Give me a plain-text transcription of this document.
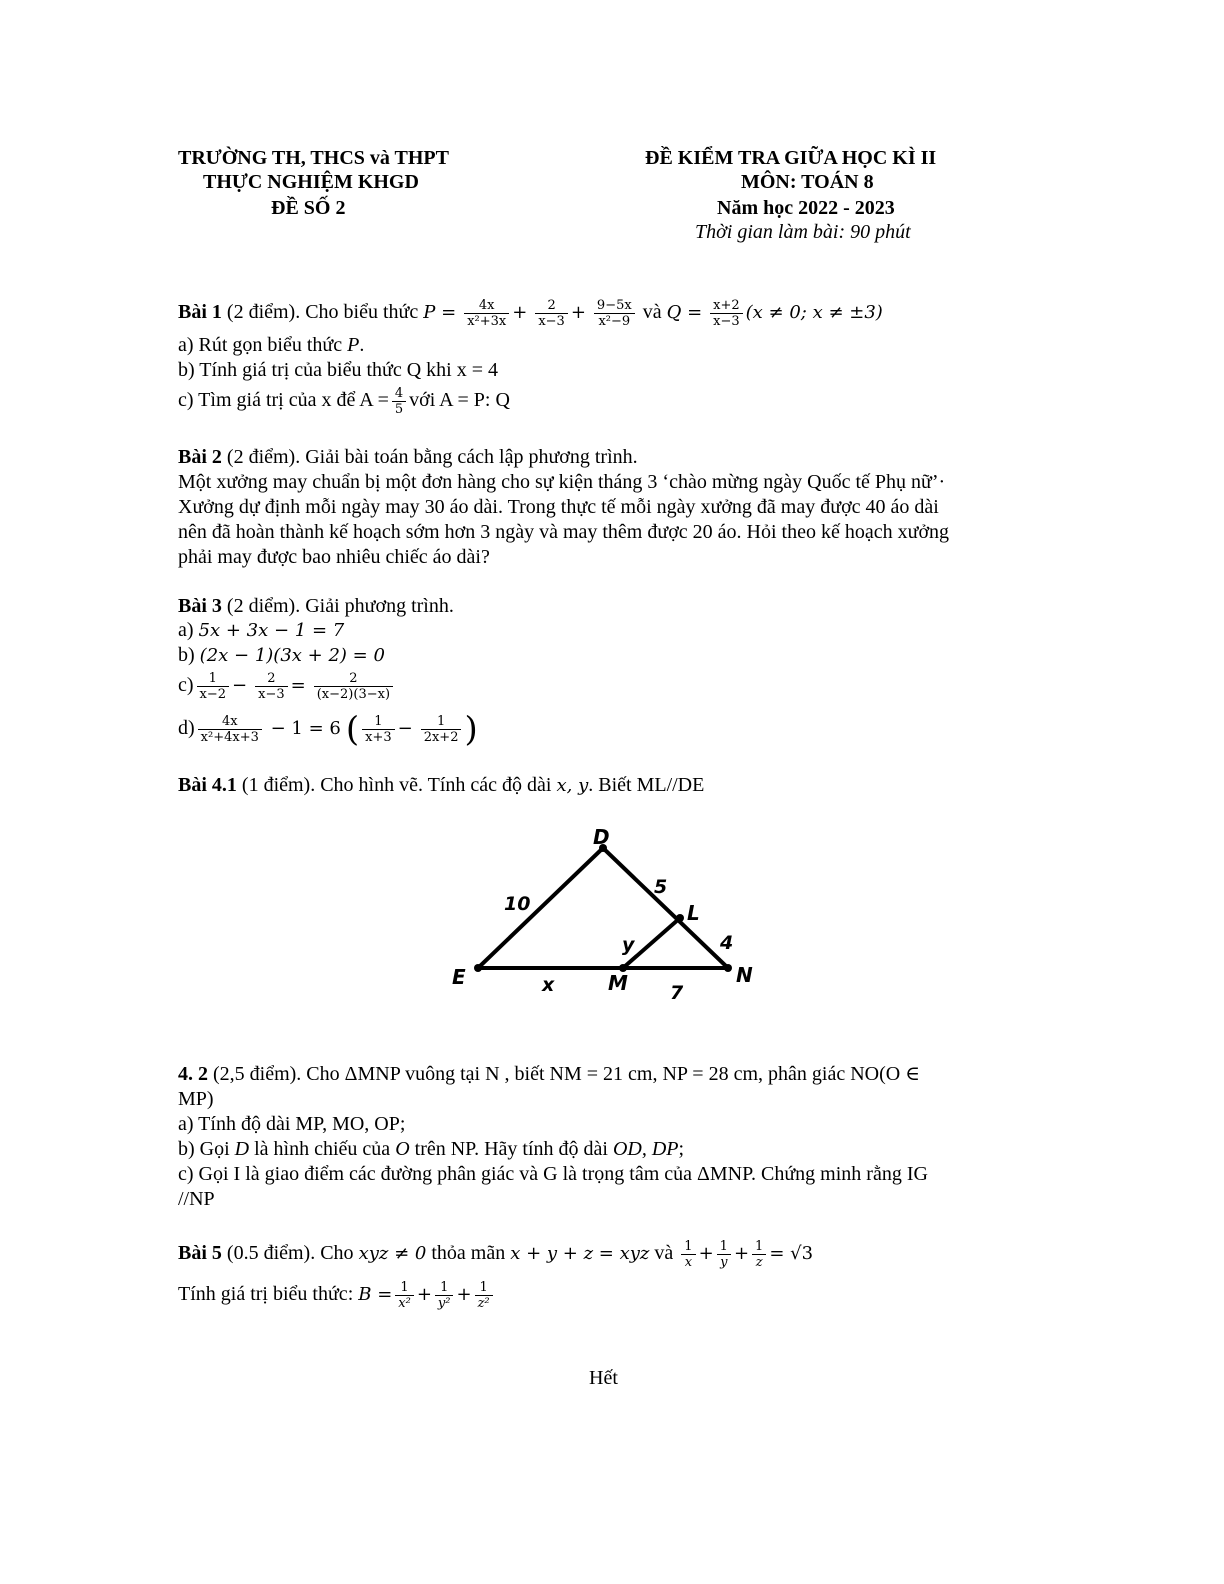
TRƯỜNG TH, THCS và THPT
THỰC NGHIỆM KHGD
ĐỀ SỐ 2
ĐỀ KIỂM TRA GIỮA HỌC KÌ II
MÔN: TOÁN 8
Năm học 2022 - 2023
Thời gian làm bài: 90 phút
Bài 1 (2 điểm). Cho biểu thức $P = \frac{4x}{\text{x²+3x}} + \frac{2}{x-3} + \frac{9-5x}{\text{x²−9}}$ và $Q = \frac{x+2}{x-3} (x \ne 0$; x ≠ ±3)
a) Rút gọn biểu thức P.
b) Tính giá trị của biểu thức Q khi x = 4
c) Tìm giá trị của x để $A = \frac{4}{5}$ với A = P: Q
Bài 2 (2 điểm). Giải bài toán bằng cách lập phương trình.
Một xưởng may chuẩn bị một đơn hàng cho sự kiện tháng 3 ‘chào mừng ngày Quốc tế Phụ nữ’·
Xưởng dự định mỗi ngày may 30 áo dài. Trong thực tế mỗi ngày xưởng đã may được 40 áo dài
nên đã hoàn thành kế hoạch sớm hơn 3 ngày và may thêm được 20 áo. Hỏi theo kế hoạch xưởng
phải may được bao nhiêu chiếc áo dài?
Bài 3 (2 diểm). Giải phương trình.
a) 5x + 3x − 1 = 7
b) (2x − 1)(3x + 2) = 0
$c) \frac{1}{x-2} - \frac{2}{x-3} = \frac{2}{(x-2)(3-x)}$
$d) \frac{4x}{\text{x²+4x+3}} - 1 = 6$ ( $\frac{1}{x+3} - \frac{1}{2x+2}$ )
Bài 4.1 (1 điểm). Cho hình vẽ. Tính các độ dài x, y. Biết ML//DE
D
E	N
L
M
10
5
4
x	7
y
4. 2 (2,5 điểm). Cho ΔMNP vuông tại N , biết NM = 21 cm, NP = 28 cm, phân giác NO(O ∈
MP)
a) Tính độ dài MP, MO, OP;
b) Gọi D là hình chiếu của O trên NP. Hãy tính độ dài OD, DP;
c) Gọi I là giao điểm các đường phân giác và G là trọng tâm của ΔMNP. Chứng minh rằng IG
//NP
Bài 5 (0.5 điểm). Cho xyz ≠ 0 thỏa mãn x + y + z = xyz và $\frac{1}{x} + \frac{1}{y} + \frac{1}{z} = √3$
Tính giá trị biểu thức: $B = \frac{1}{\text{x²}} + \frac{1}{\text{y²}} + \frac{1}{\text{z²}}$
Hết
